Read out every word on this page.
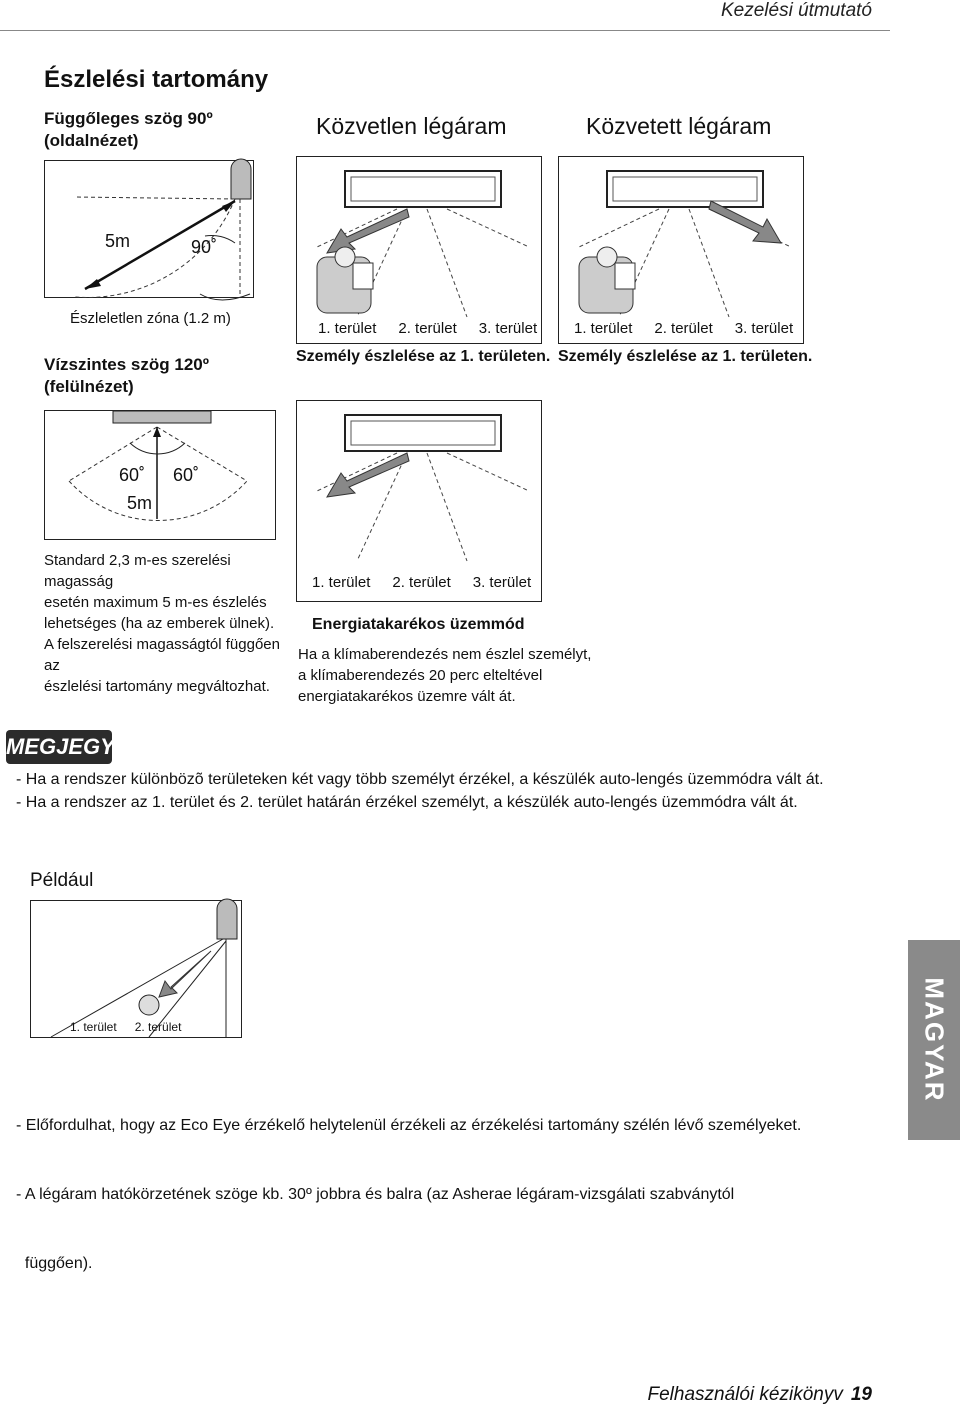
Kezelési útmutató
Észlelési tartomány
Függőleges szög 90º
(oldalnézet)
Közvetlen légáram	Közvetett légáram
5m	90˚
Észleletlen zóna (1.2 m)
Vízszintes szög 120º
(felülnézet)
60˚ 60˚
5m
Standard 2,3 m-es szerelési magasság
esetén maximum 5 m-es észlelés
lehetséges (ha az emberek ülnek).
A felszerelési magasságtól függően az
észlelési tartomány megváltozhat.
1. terület 2. terület 3. terület
Személy észlelése az 1. területen.
1. terület 2. terület 3. terület
Személy észlelése az 1. területen.
1. terület 2. terület 3. terület
Energiatakarékos üzemmód
Ha a klímaberendezés nem észlel személyt,
a klímaberendezés 20 perc elteltével
energiatakarékos üzemre vált át.
MEGJEGYZÉS
- Ha a rendszer különbözõ területeken két vagy több személyt érzékel, a készülék auto-lengés üzemmódra vált át.
- Ha a rendszer az 1. terület és 2. terület határán érzékel személyt, a készülék auto-lengés üzemmódra vált át.
Például
1. terület 2. terület

- Előfordulhat, hogy az Eco Eye érzékelő helytelenül érzékeli az érzékelési tartomány szélén lévő személyeket.

- A légáram hatókörzetének szöge kb. 30º jobbra és balra (az Asherae légáram-vizsgálati szabványtól

függően).

MAGYAR
Felhasználói kézikönyv 19
